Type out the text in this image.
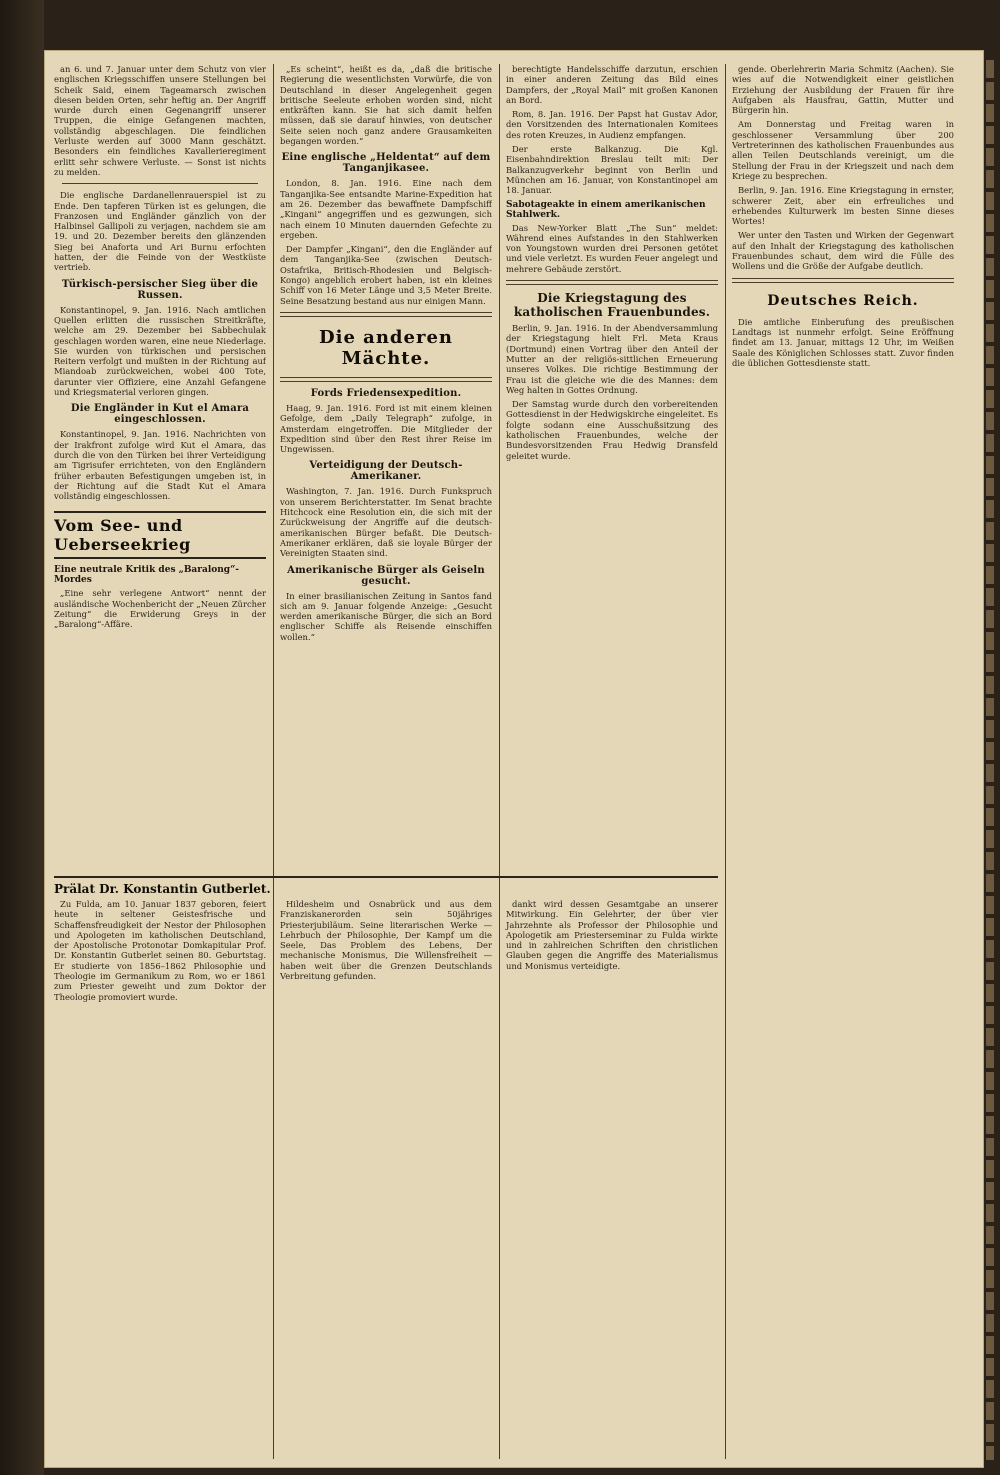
an 6. und 7. Januar unter dem Schutz von vier englischen Kriegsschiffen unsere Stellungen bei Scheik Said, einem Tageamarsch zwischen diesen beiden Orten, sehr heftig an. Der Angriff wurde durch einen Gegenangriff unserer Truppen, die einige Gefangenen machten, vollständig abgeschlagen. Die feindlichen Verluste werden auf 3000 Mann geschätzt. Besonders ein feindliches Kavallerieregiment erlitt sehr schwere Verluste. — Sonst ist nichts zu melden.

Die englische Dardanellenrauerspiel ist zu Ende. Den tapferen Türken ist es gelungen, die Franzosen und Engländer gänzlich von der Halbinsel Gallipoli zu verjagen, nachdem sie am 19. und 20. Dezember bereits den glänzenden Sieg bei Anaforta und Ari Burnu erfochten hatten, der die Feinde von der Westküste vertrieb.

Türkisch-persischer Sieg über die Russen.

Konstantinopel, 9. Jan. 1916. Nach amtlichen Quellen erlitten die russischen Streitkräfte, welche am 29. Dezember bei Sabbechulak geschlagen worden waren, eine neue Niederlage. Sie wurden von türkischen und persischen Reitern verfolgt und mußten in der Richtung auf Miandoab zurückweichen, wobei 400 Tote, darunter vier Offiziere, eine Anzahl Gefangene und Kriegsmaterial verloren gingen.

Die Engländer in Kut el Amara eingeschlossen.

Konstantinopel, 9. Jan. 1916. Nachrichten von der Irakfront zufolge wird Kut el Amara, das durch die von den Türken bei ihrer Verteidigung am Tigrisufer errichteten, von den Engländern früher erbauten Befestigungen umgeben ist, in der Richtung auf die Stadt Kut el Amara vollständig eingeschlossen.

Vom See- und Ueberseekrieg
Eine neutrale Kritik des „Baralong“-Mordes

„Eine sehr verlegene Antwort“ nennt der ausländische Wochenbericht der „Neuen Zürcher Zeitung“ die Erwiderung Greys in der „Baralong“-Affäre.

„Es scheint“, heißt es da, „daß die britische Regierung die wesentlichsten Vorwürfe, die von Deutschland in dieser Angelegenheit gegen britische Seeleute erhoben worden sind, nicht entkräften kann. Sie hat sich damit helfen müssen, daß sie darauf hinwies, von deutscher Seite seien noch ganz andere Grausamkeiten begangen worden.“

Eine englische „Heldentat“ auf dem Tanganjikasee.

London, 8. Jan. 1916. Eine nach dem Tanganjika-See entsandte Marine-Expedition hat am 26. Dezember das bewaffnete Dampfschiff „Kingani“ angegriffen und es gezwungen, sich nach einem 10 Minuten dauernden Gefechte zu ergeben.

Der Dampfer „Kingani“, den die Engländer auf dem Tanganjika-See (zwischen Deutsch-Ostafrika, Britisch-Rhodesien und Belgisch-Kongo) angeblich erobert haben, ist ein kleines Schiff von 16 Meter Länge und 3,5 Meter Breite. Seine Besatzung bestand aus nur einigen Mann.

Die anderen Mächte.
Fords Friedensexpedition.

Haag, 9. Jan. 1916. Ford ist mit einem kleinen Gefolge, dem „Daily Telegraph“ zufolge, in Amsterdam eingetroffen. Die Mitglieder der Expedition sind über den Rest ihrer Reise im Ungewissen.

Verteidigung der Deutsch-Amerikaner.

Washington, 7. Jan. 1916. Durch Funkspruch von unserem Berichterstatter. Im Senat brachte Hitchcock eine Resolution ein, die sich mit der Zurückweisung der Angriffe auf die deutsch-amerikanischen Bürger befaßt. Die Deutsch-Amerikaner erklären, daß sie loyale Bürger der Vereinigten Staaten sind.

Amerikanische Bürger als Geiseln gesucht.

In einer brasilianischen Zeitung in Santos fand sich am 9. Januar folgende Anzeige: „Gesucht werden amerikanische Bürger, die sich an Bord englischer Schiffe als Reisende einschiffen wollen.“

berechtigte Handelsschiffe darzutun, erschien in einer anderen Zeitung das Bild eines Dampfers, der „Royal Mail“ mit großen Kanonen an Bord.

Rom, 8. Jan. 1916. Der Papst hat Gustav Ador, den Vorsitzenden des Internationalen Komitees des roten Kreuzes, in Audienz empfangen.

Der erste Balkanzug. Die Kgl. Eisenbahndirektion Breslau teilt mit: Der Balkanzugverkehr beginnt von Berlin und München am 16. Januar, von Konstantinopel am 18. Januar.

Sabotageakte in einem amerikanischen Stahlwerk.

Das New-Yorker Blatt „The Sun“ meldet: Während eines Aufstandes in den Stahlwerken von Youngstown wurden drei Personen getötet und viele verletzt. Es wurden Feuer angelegt und mehrere Gebäude zerstört.

Die Kriegstagung des katholischen Frauenbundes.

Berlin, 9. Jan. 1916. In der Abendversammlung der Kriegstagung hielt Frl. Meta Kraus (Dortmund) einen Vortrag über den Anteil der Mutter an der religiös-sittlichen Erneuerung unseres Volkes. Die richtige Bestimmung der Frau ist die gleiche wie die des Mannes: dem Weg halten in Gottes Ordnung.

Der Samstag wurde durch den vorbereitenden Gottesdienst in der Hedwigskirche eingeleitet. Es folgte sodann eine Ausschußsitzung des katholischen Frauenbundes, welche der Bundesvorsitzenden Frau Hedwig Dransfeld geleitet wurde.

gende. Oberlehrerin Maria Schmitz (Aachen). Sie wies auf die Notwendigkeit einer geistlichen Erziehung der Ausbildung der Frauen für ihre Aufgaben als Hausfrau, Gattin, Mutter und Bürgerin hin.

Am Donnerstag und Freitag waren in geschlossener Versammlung über 200 Vertreterinnen des katholischen Frauenbundes aus allen Teilen Deutschlands vereinigt, um die Stellung der Frau in der Kriegszeit und nach dem Kriege zu besprechen.

Berlin, 9. Jan. 1916. Eine Kriegstagung in ernster, schwerer Zeit, aber ein erfreuliches und erhebendes Kulturwerk im besten Sinne dieses Wortes!

Wer unter den Tasten und Wirken der Gegenwart auf den Inhalt der Kriegstagung des katholischen Frauenbundes schaut, dem wird die Fülle des Wollens und die Größe der Aufgabe deutlich.

Deutsches Reich.

Die amtliche Einberufung des preußischen Landtags ist nunmehr erfolgt. Seine Eröffnung findet am 13. Januar, mittags 12 Uhr, im Weißen Saale des Königlichen Schlosses statt. Zuvor finden die üblichen Gottesdienste statt.

Prälat Dr. Konstantin Gutberlet.

Zu Fulda, am 10. Januar 1837 geboren, feiert heute in seltener Geistesfrische und Schaffensfreudigkeit der Nestor der Philosophen und Apologeten im katholischen Deutschland, der Apostolische Protonotar Domkapitular Prof. Dr. Konstantin Gutberlet seinen 80. Geburtstag. Er studierte von 1856–1862 Philosophie und Theologie im Germanikum zu Rom, wo er 1861 zum Priester geweiht und zum Doktor der Theologie promoviert wurde.

Hildesheim und Osnabrück und aus dem Franziskanerorden sein 50jähriges Priesterjubiläum. Seine literarischen Werke — Lehrbuch der Philosophie, Der Kampf um die Seele, Das Problem des Lebens, Der mechanische Monismus, Die Willensfreiheit — haben weit über die Grenzen Deutschlands Verbreitung gefunden.

dankt wird dessen Gesamtgabe an unserer Mitwirkung. Ein Gelehrter, der über vier Jahrzehnte als Professor der Philosophie und Apologetik am Priesterseminar zu Fulda wirkte und in zahlreichen Schriften den christlichen Glauben gegen die Angriffe des Materialismus und Monismus verteidigte.
